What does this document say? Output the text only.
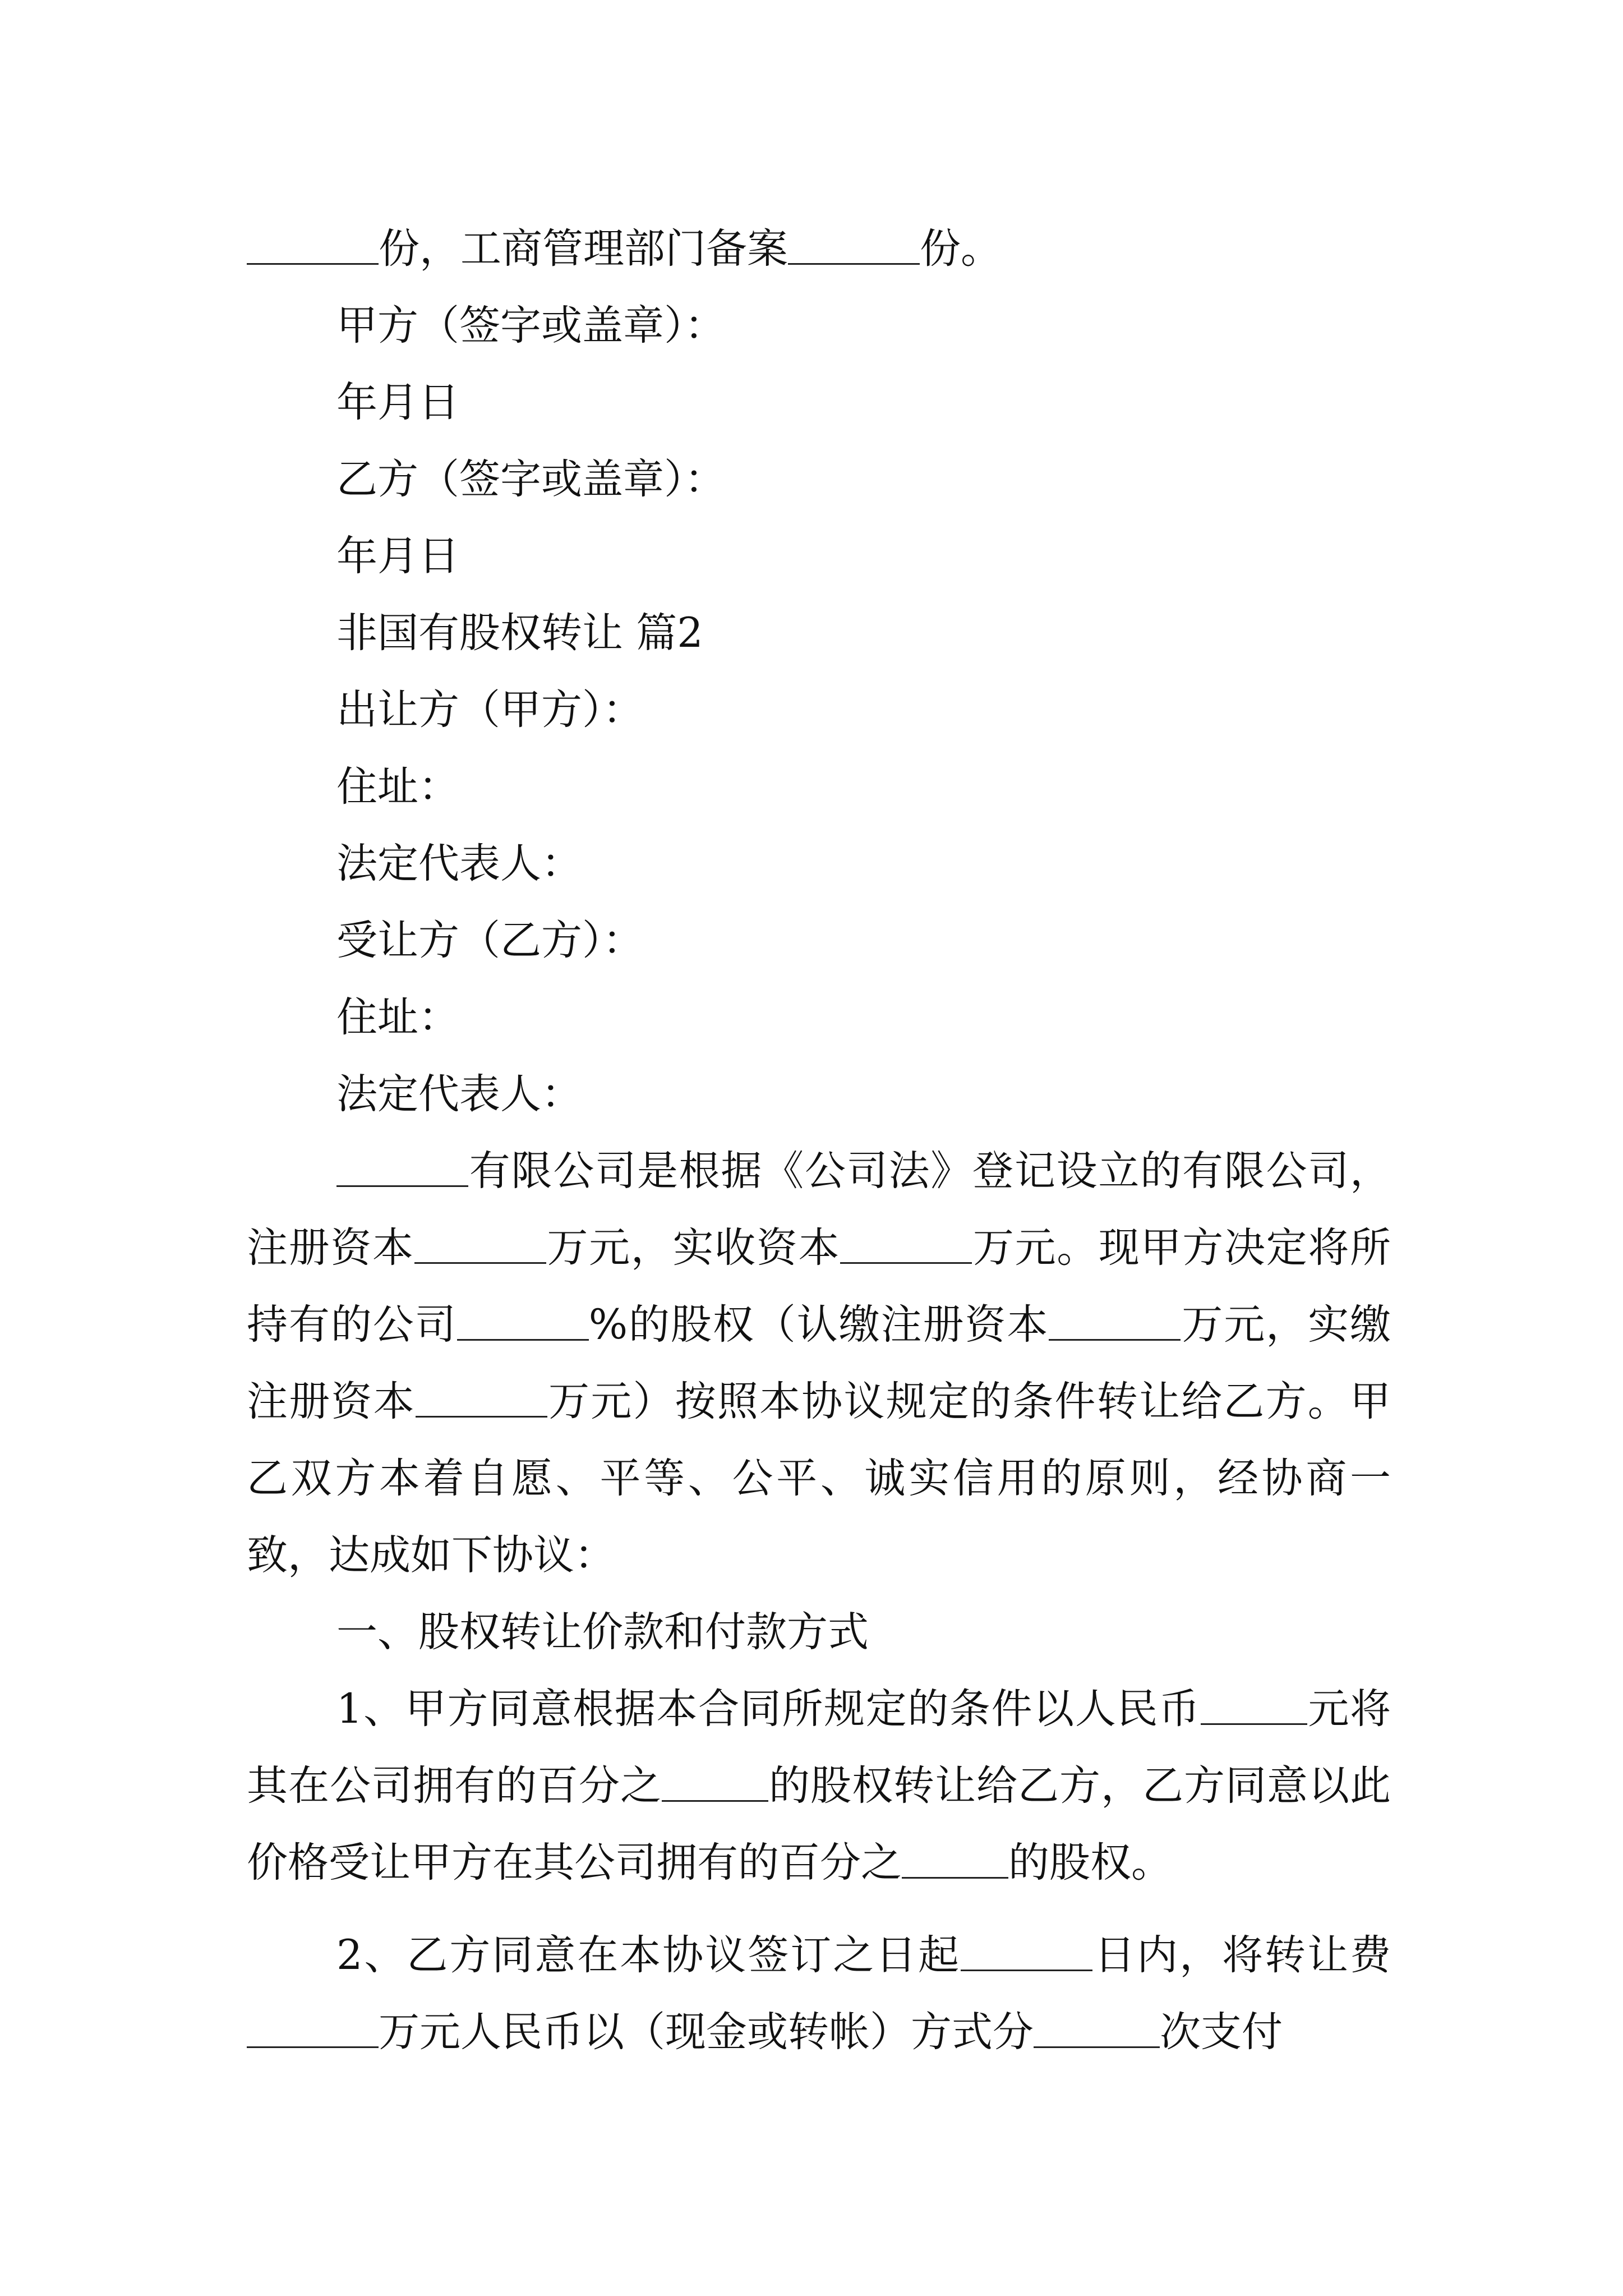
份，工商管理部门备案	份。
甲方（签字或盖章）：
年月日
乙方（签字或盖章）：
年月日
非国有股权转让 篇2
出让方（甲方）：
住址：
法定代表人：
受让方（乙方）：
住址：
法定代表人：

有限公司是根据《公司法》登记设立的有限公司，注册资本	万元，实收资本	万元。现甲方决定将所持有的公司	%的股权（认缴注册资本	万元，实缴注册资本	万元）按照本协议规定的条件转让给乙方。甲乙双方本着自愿、平等、公平、诚实信用的原则，经协商一致，达成如下协议：

一、股权转让价款和付款方式

1、甲方同意根据本合同所规定的条件以人民币	元将其在公司拥有的百分之	的股权转让给乙方，乙方同意以此价格受让甲方在其公司拥有的百分之	的股权。

2、乙方同意在本协议签订之日起	日内，将转让费万元人民币以（现金或转帐）方式分	次支付
